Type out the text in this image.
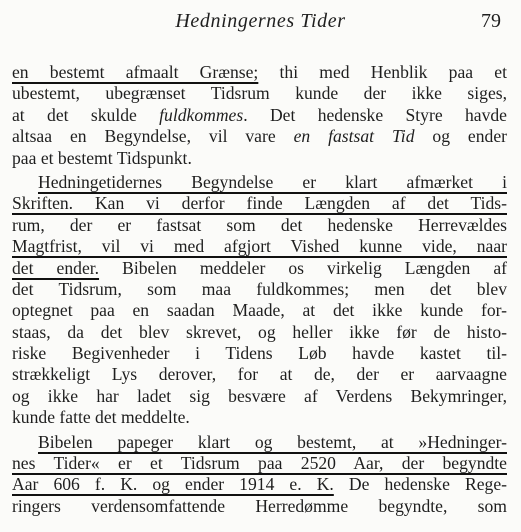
Hedningernes Tider	79
en bestemt afmaalt Grænse; thi med Henblik paa et
ubestemt, ubegrænset Tidsrum kunde der ikke siges,
at det skulde fuldkommes. Det hedenske Styre havde
altsaa en Begyndelse, vil vare en fastsat Tid og ender
paa et bestemt Tidspunkt.
Hedningetidernes Begyndelse er klart afmærket i
Skriften. Kan vi derfor finde Længden af det Tids-
rum, der er fastsat som det hedenske Herrevældes
Magtfrist, vil vi med afgjort Vished kunne vide, naar
det ender. Bibelen meddeler os virkelig Længden af
det Tidsrum, som maa fuldkommes; men det blev
optegnet paa en saadan Maade, at det ikke kunde for-
staas, da det blev skrevet, og heller ikke før de histo-
riske Begivenheder i Tidens Løb havde kastet til-
strækkeligt Lys derover, for at de, der er aarvaagne
og ikke har ladet sig besvære af Verdens Bekymringer,
kunde fatte det meddelte.
Bibelen papeger klart og bestemt, at »Hedninger-
nes Tider« er et Tidsrum paa 2520 Aar, der begyndte
Aar 606 f. K. og ender 1914 e. K. De hedenske Rege-
ringers verdensomfattende Herredømme begyndte, som
